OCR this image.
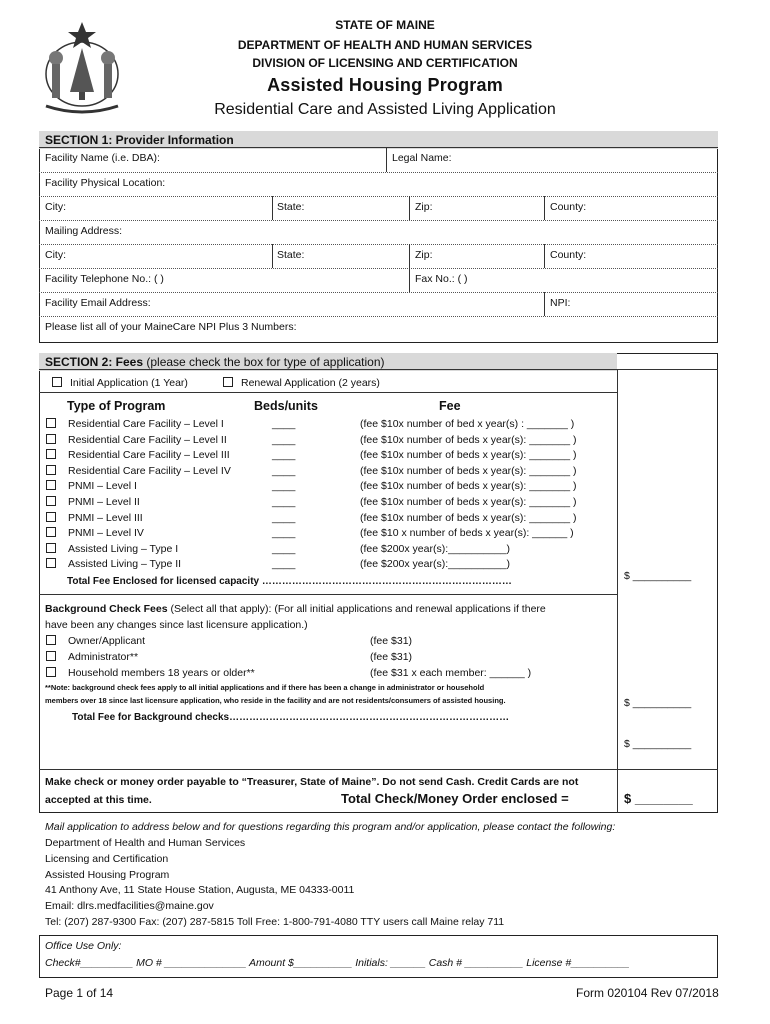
STATE OF MAINE
DEPARTMENT OF HEALTH AND HUMAN SERVICES
DIVISION OF LICENSING AND CERTIFICATION
Assisted Housing Program
Residential Care and Assisted Living Application
SECTION 1: Provider Information
Facility Name (i.e. DBA):	Legal Name:
Facility Physical Location:
City:	State:	Zip:	County:
Mailing Address:
City:	State:	Zip:	County:
Facility Telephone No.: ( )	Fax No.: ( )
Facility Email Address:	NPI:
Please list all of your MaineCare NPI Plus 3 Numbers:
SECTION 2: Fees (please check the box for type of application)
Initial Application (1 Year)	Renewal Application (2 years)
Type of Program	Beds/units	Fee
Residential Care Facility – Level I	____	(fee $10x number of bed x year(s) : _______ )
Residential Care Facility – Level II	____	(fee $10x number of beds x year(s): _______ )
Residential Care Facility – Level III	____	(fee $10x number of beds x year(s): _______ )
Residential Care Facility – Level IV	____	(fee $10x number of beds x year(s): _______ )
PNMI – Level I	____	(fee $10x number of beds x year(s): _______ )
PNMI – Level II	____	(fee $10x number of beds x year(s): _______ )
PNMI – Level III	____	(fee $10x number of beds x year(s): _______ )
PNMI – Level IV	____	(fee $10 x number of beds x year(s): ______ )
Assisted Living – Type I	____	(fee $200x year(s):__________)
Assisted Living – Type II	____	(fee $200x year(s):__________)
Total Fee Enclosed for licensed capacity …………………………………………………………………	$ __________
Background Check Fees (Select all that apply): (For all initial applications and renewal applications if there
have been any changes since last licensure application.)
Owner/Applicant	(fee $31)
Administrator**	(fee $31)
Household members 18 years or older**	(fee $31 x each member: ______ )
**Note: background check fees apply to all initial applications and if there has been a change in administrator or household
members over 18 since last licensure application, who reside in the facility and are not residents/consumers of assisted housing.	$ __________
Total Fee for Background checks…………………………………………………………………………
$ __________
Make check or money order payable to “Treasurer, State of Maine”. Do not send Cash. Credit Cards are not
accepted at this time.	Total Check/Money Order enclosed =	$ ________
Mail application to address below and for questions regarding this program and/or application, please contact the following:
Department of Health and Human Services
Licensing and Certification
Assisted Housing Program
41 Anthony Ave, 11 State House Station, Augusta, ME 04333-0011
Email: dlrs.medfacilities@maine.gov
Tel: (207) 287-9300 Fax: (207) 287-5815 Toll Free: 1-800-791-4080 TTY users call Maine relay 711
Office Use Only:
Check#_________ MO # ______________ Amount $__________ Initials: ______ Cash # __________ License #__________
Page 1 of 14	Form 020104 Rev 07/2018
